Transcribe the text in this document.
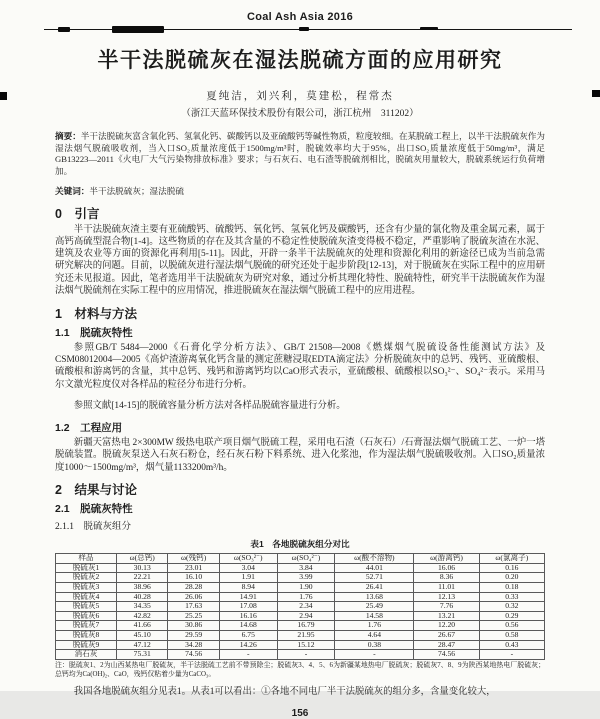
Coal Ash Asia 2016
半干法脱硫灰在湿法脱硫方面的应用研究
夏纯洁，刘兴利，莫建松，程常杰
（浙江天蓝环保技术股份有限公司，浙江杭州　311202）

摘要：半干法脱硫灰富含氧化钙、氢氧化钙、碳酸钙以及亚硫酸钙等碱性物质，粒度较细。在某脱硫工程上，以半干法脱硫灰作为湿法烟气脱硫吸收剂，当入口SO₂质量浓度低于1500mg/m³时，脱硫效率均大于95%，出口SO₂质量浓度低于50mg/m³，满足GB13223—2011《火电厂大气污染物排放标准》要求；与石灰石、电石渣等脱硫剂相比，脱硫灰用量较大，脱硫系统运行负荷增加。

关键词：半干法脱硫灰；湿法脱硫

0　引言

半干法脱硫灰渣主要有亚硫酸钙、硫酸钙、氧化钙、氢氧化钙及碳酸钙，还含有少量的氯化物及重金属元素，属于高钙高硫型混合物[1-4]。这些物质的存在及其含量的不稳定性使脱硫灰渣变得极不稳定，严重影响了脱硫灰渣在水泥、建筑及农业等方面的资源化再利用[5-11]。因此，开辟一条半干法脱硫灰的处理和资源化利用的新途径已成为当前急需研究解决的问题。目前，以脱硫灰进行湿法烟气脱硫的研究还处于起步阶段[12-13]，对于脱硫灰在实际工程中的应用研究还未见报道。因此，笔者选用半干法脱硫灰为研究对象，通过分析其理化特性、脱硫特性，研究半干法脱硫灰作为湿法烟气脱硫剂在实际工程中的应用情况，推进脱硫灰在湿法烟气脱硫工程中的应用进程。

1　材料与方法
1.1　脱硫灰特性

参照GB/T 5484—2000《石膏化学分析方法》、GB/T 21508—2008《燃煤烟气脱硫设备性能测试方法》及CSM08012004—2005《高炉渣游离氧化钙含量的测定蔗糖浸取EDTA滴定法》分析脱硫灰中的总钙、残钙、亚硫酸根、硫酸根和游离钙的含量，其中总钙、残钙和游离钙均以CaO形式表示，亚硫酸根、硫酸根以SO₃²⁻、SO₄²⁻表示。采用马尔文激光粒度仪对各样品的粒径分布进行分析。

参照文献[14-15]的脱硫容量分析方法对各样品脱硫容量进行分析。

1.2　工程应用

新疆天富热电 2×300MW 级热电联产项目烟气脱硫工程，采用电石渣（石灰石）/石膏湿法烟气脱硫工艺、一炉一塔脱硫装置。脱硫灰泵送入石灰石粉仓，经石灰石粉下料系统、进入化浆池，作为湿法烟气脱硫吸收剂。入口SO₂质量浓度1000～1500mg/m³，烟气量1133200m³/h。

2　结果与讨论
2.1　脱硫灰特性
2.1.1　脱硫灰组分
表1　各地脱硫灰组分对比
样品	ω(总钙)	ω(残钙)	ω(SO₃²⁻)	ω(SO₄²⁻)	ω(酸不溶物)	ω(游离钙)	ω(氯离子)
脱硫灰1	30.13	23.01	3.04	3.84	44.01	16.06	0.16
脱硫灰2	22.21	16.10	1.91	3.99	52.71	8.36	0.20
脱硫灰3	38.96	28.28	8.94	1.90	26.41	11.01	0.18
脱硫灰4	40.28	26.06	14.91	1.76	13.68	12.13	0.33
脱硫灰5	34.35	17.63	17.08	2.34	25.49	7.76	0.32
脱硫灰6	42.82	25.25	16.16	2.94	14.58	13.21	0.29
脱硫灰7	41.66	30.86	14.68	16.79	1.76	12.20	0.56
脱硫灰8	45.10	29.59	6.75	21.95	4.64	26.67	0.58
脱硫灰9	47.12	34.28	14.26	15.12	0.38	28.47	0.43
消石灰	75.31	74.56	-	-	-	74.56	-

注：脱硫灰1、2为山西某热电厂脱硫灰，半干法脱硫工艺前不带预除尘；脱硫灰3、4、5、6为新疆某地热电厂脱硫灰；脱硫灰7、8、9为陕西某地热电厂脱硫灰；总钙均为Ca(OH)₂、CaO，残钙仅粘着少量为CaCO₃。

我国各地脱硫灰组分见表1。从表1可以看出：①各地不同电厂半干法脱硫灰的组分多，含量变化较大，

156
